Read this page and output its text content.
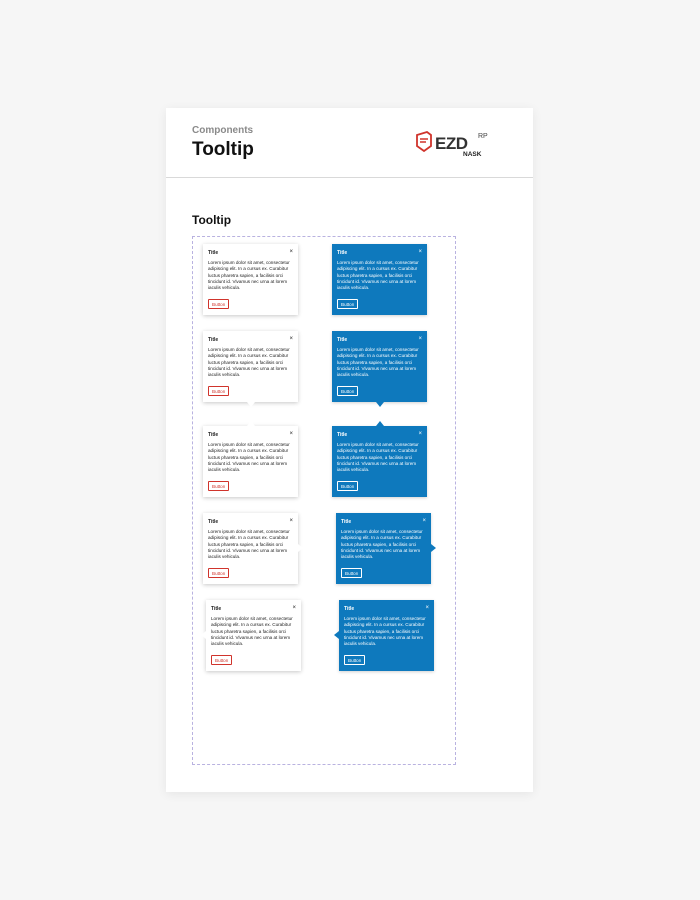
Components
Tooltip	EZD RP
NASK
Tooltip
Title	×
Lorem ipsum dolor sit amet, consectetur adipiscing elit. In a cursus ex. Curabitur luctus pharetra sapien, a facilisis orci tincidunt id. Vivamus nec urna at lorem iaculis vehicula.
Button
Title	×
Lorem ipsum dolor sit amet, consectetur adipiscing elit. In a cursus ex. Curabitur luctus pharetra sapien, a facilisis orci tincidunt id. Vivamus nec urna at lorem iaculis vehicula.
Button
Title	×
Lorem ipsum dolor sit amet, consectetur adipiscing elit. In a cursus ex. Curabitur luctus pharetra sapien, a facilisis orci tincidunt id. Vivamus nec urna at lorem iaculis vehicula.
Button
Title	×
Lorem ipsum dolor sit amet, consectetur adipiscing elit. In a cursus ex. Curabitur luctus pharetra sapien, a facilisis orci tincidunt id. Vivamus nec urna at lorem iaculis vehicula.
Button
Title	×
Lorem ipsum dolor sit amet, consectetur adipiscing elit. In a cursus ex. Curabitur luctus pharetra sapien, a facilisis orci tincidunt id. Vivamus nec urna at lorem iaculis vehicula.
Button
Title	×
Lorem ipsum dolor sit amet, consectetur adipiscing elit. In a cursus ex. Curabitur luctus pharetra sapien, a facilisis orci tincidunt id. Vivamus nec urna at lorem iaculis vehicula.
Button
Title	×
Lorem ipsum dolor sit amet, consectetur adipiscing elit. In a cursus ex. Curabitur luctus pharetra sapien, a facilisis orci tincidunt id. Vivamus nec urna at lorem iaculis vehicula.
Button
Title	×
Lorem ipsum dolor sit amet, consectetur adipiscing elit. In a cursus ex. Curabitur luctus pharetra sapien, a facilisis orci tincidunt id. Vivamus nec urna at lorem iaculis vehicula.
Button
Title	×
Lorem ipsum dolor sit amet, consectetur adipiscing elit. In a cursus ex. Curabitur luctus pharetra sapien, a facilisis orci tincidunt id. Vivamus nec urna at lorem iaculis vehicula.
Button
Title	×
Lorem ipsum dolor sit amet, consectetur adipiscing elit. In a cursus ex. Curabitur luctus pharetra sapien, a facilisis orci tincidunt id. Vivamus nec urna at lorem iaculis vehicula.
Button
